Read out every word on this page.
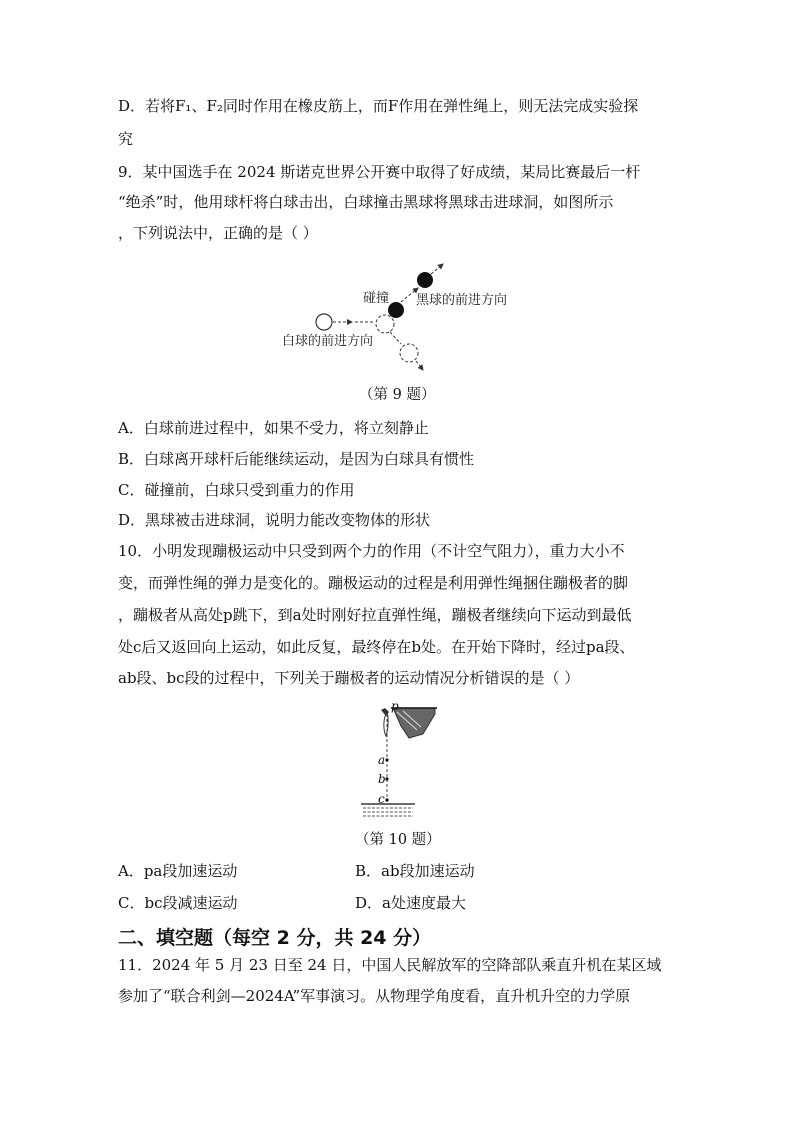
D．若将F₁、F₂同时作用在橡皮筋上，而F作用在弹性绳上，则无法完成实验探
究
9．某中国选手在 2024 斯诺克世界公开赛中取得了好成绩，某局比赛最后一杆
“绝杀”时，他用球杆将白球击出，白球撞击黑球将黑球击进球洞，如图所示
，下列说法中，正确的是（ ）
碰撞 黑球的前进方向
白球的前进方向
（第 9 题）
A．白球前进过程中，如果不受力，将立刻静止
B．白球离开球杆后能继续运动，是因为白球具有惯性
C．碰撞前，白球只受到重力的作用
D．黑球被击进球洞，说明力能改变物体的形状
10．小明发现蹦极运动中只受到两个力的作用（不计空气阻力），重力大小不
变，而弹性绳的弹力是变化的。蹦极运动的过程是利用弹性绳捆住蹦极者的脚
，蹦极者从高处p跳下，到a处时刚好拉直弹性绳，蹦极者继续向下运动到最低
处c后又返回向上运动，如此反复，最终停在b处。在开始下降时，经过pa段、
ab段、bc段的过程中，下列关于蹦极者的运动情况分析错误的是（ ）
p
a
b
c
（第 10 题）
A．pa段加速运动	B．ab段加速运动
C．bc段减速运动	D．a处速度最大
二、填空题（每空 2 分，共 24 分）
11．2024 年 5 月 23 日至 24 日，中国人民解放军的空降部队乘直升机在某区域
参加了“联合利剑—2024A”军事演习。从物理学角度看，直升机升空的力学原
